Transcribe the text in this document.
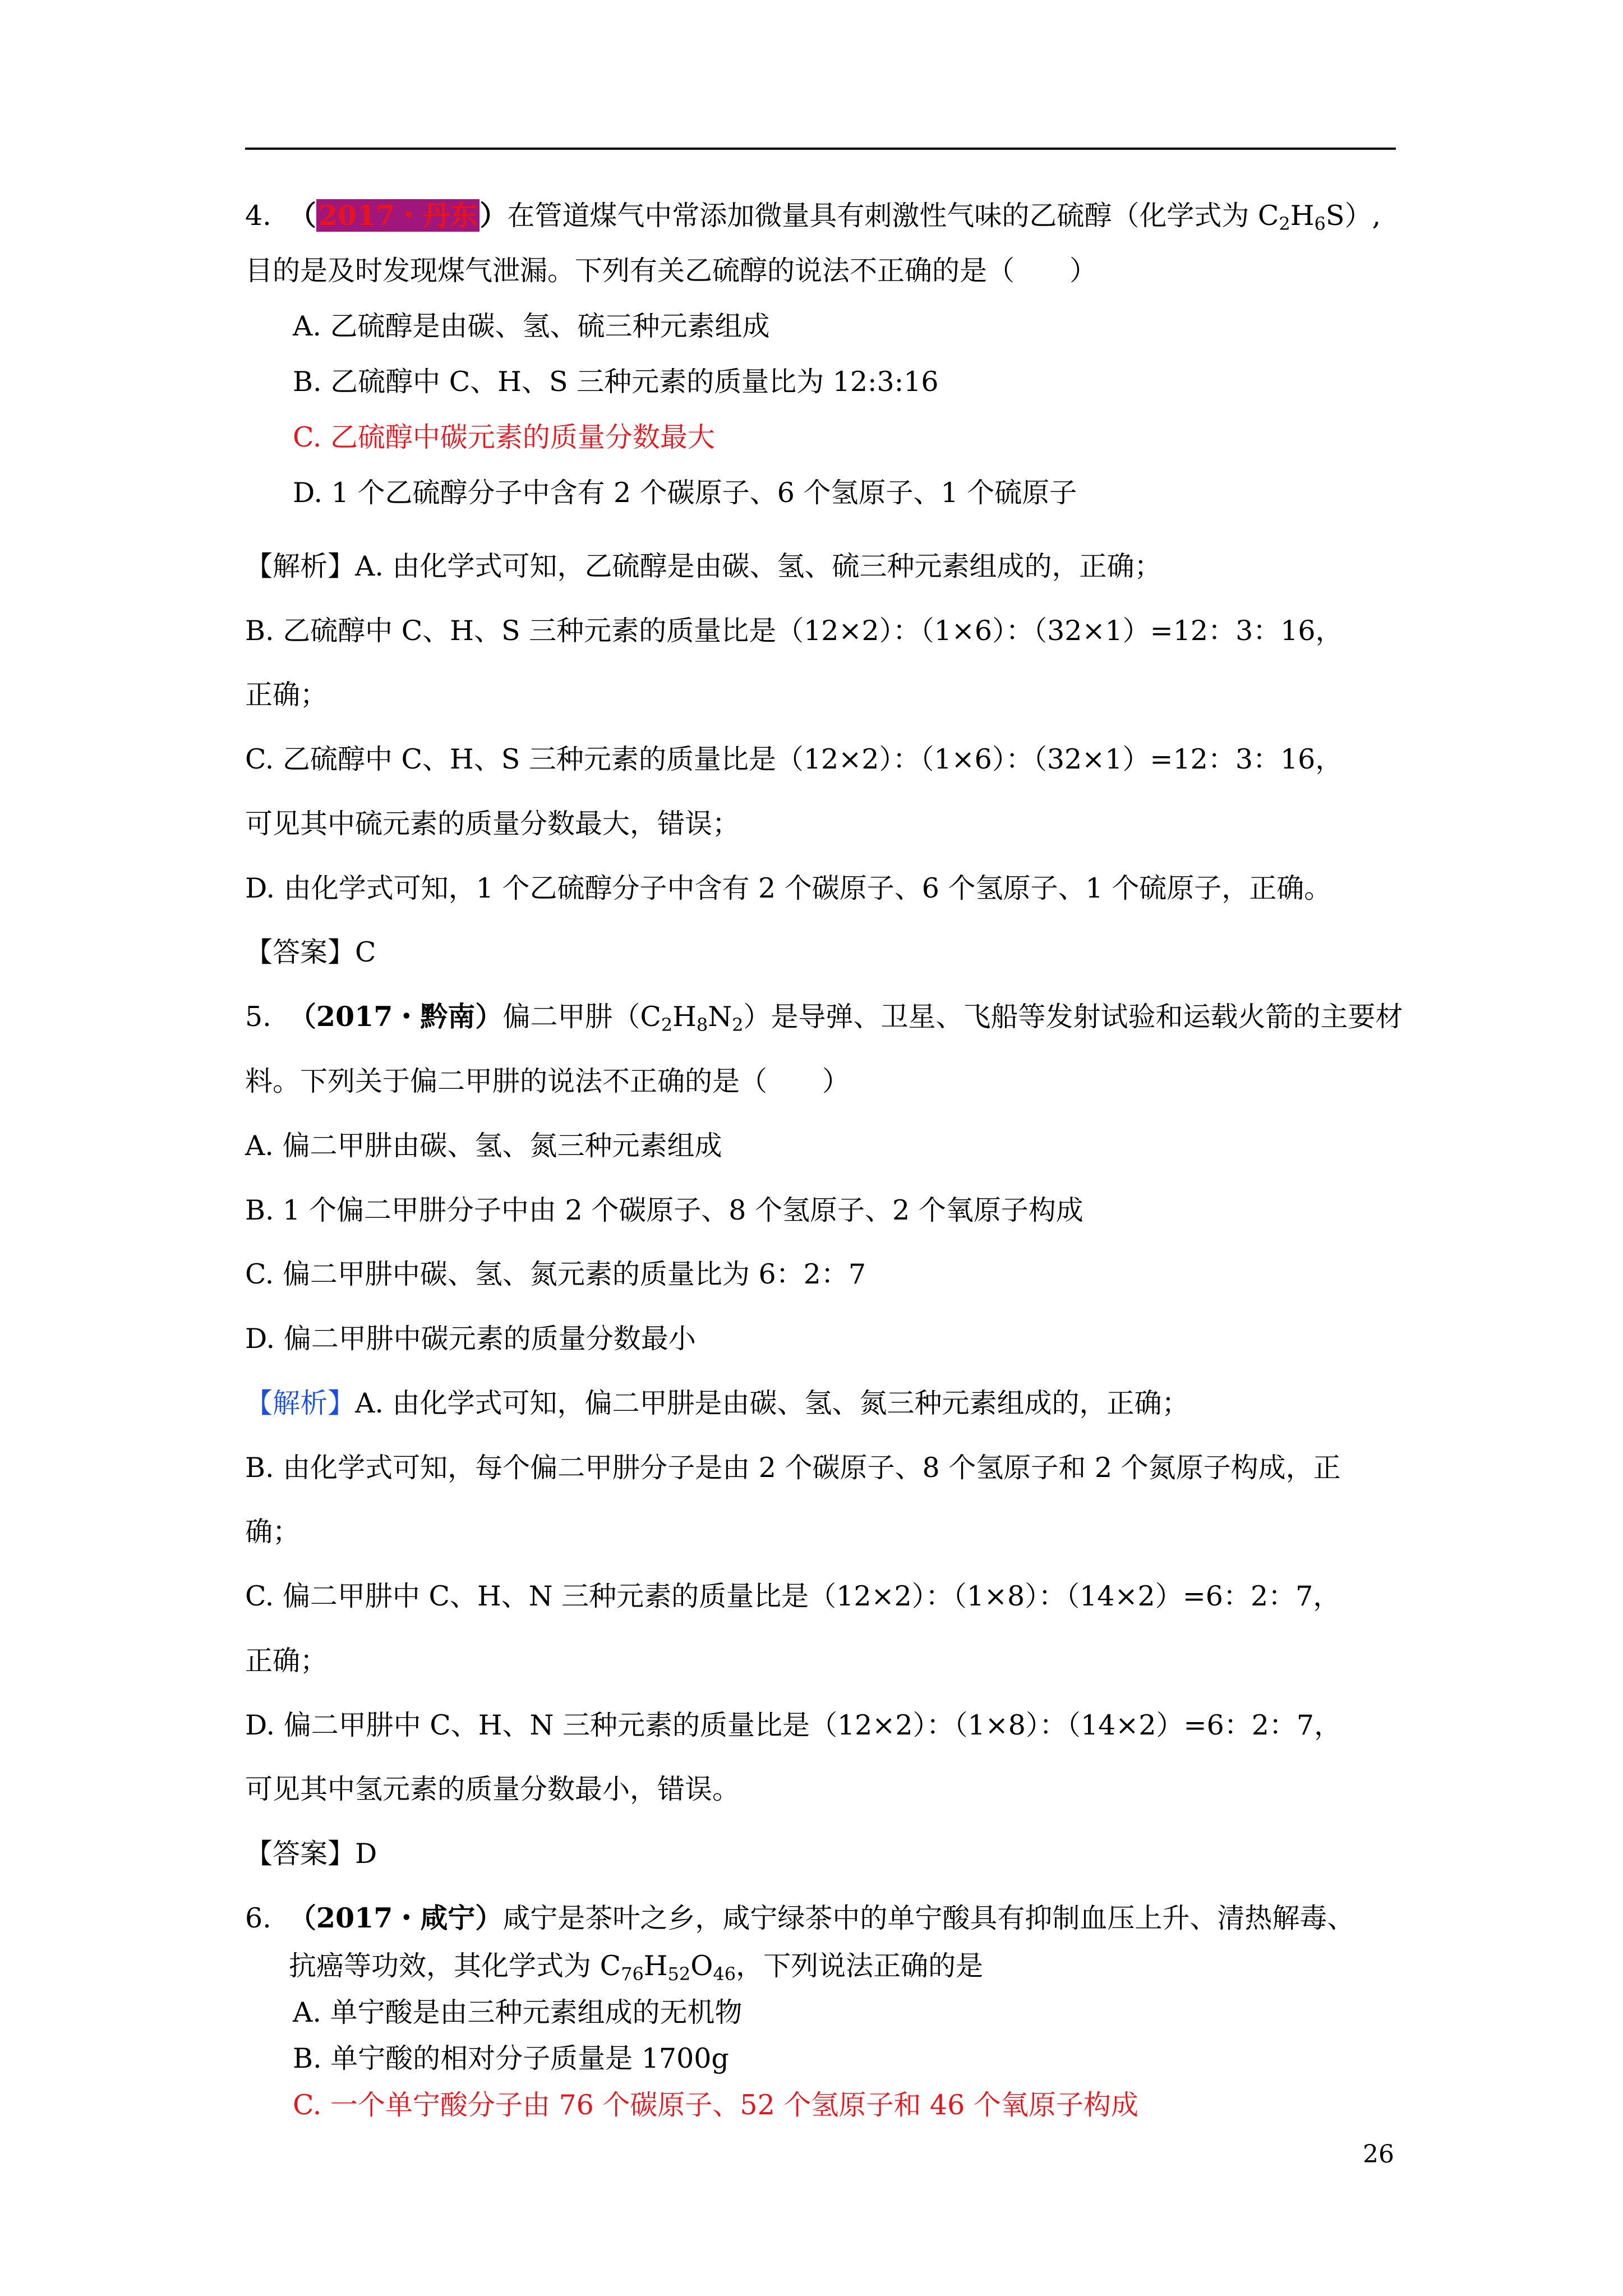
4. （2017・丹东）在管道煤气中常添加微量具有刺激性气味的乙硫醇（化学式为 $C_2H_6S$）,
目的是及时发现煤气泄漏。下列有关乙硫醇的说法不正确的是（　　）
A. 乙硫醇是由碳、氢、硫三种元素组成
B. 乙硫醇中 C、H、S 三种元素的质量比为 12:3:16
C. 乙硫醇中碳元素的质量分数最大
D. 1 个乙硫醇分子中含有 2 个碳原子、6 个氢原子、1 个硫原子
【解析】A. 由化学式可知，乙硫醇是由碳、氢、硫三种元素组成的，正确；
B. 乙硫醇中 C、H、S 三种元素的质量比是（12×2）：（1×6）：（32×1）=12：3：16，
正确；
C. 乙硫醇中 C、H、S 三种元素的质量比是（12×2）：（1×6）：（32×1）=12：3：16，
可见其中硫元素的质量分数最大，错误；
D. 由化学式可知，1 个乙硫醇分子中含有 2 个碳原子、6 个氢原子、1 个硫原子，正确。
【答案】C
5. （2017・黔南）偏二甲肼$(C_2H_8N_2)$是导弹、卫星、飞船等发射试验和运载火箭的主要材
料。下列关于偏二甲肼的说法不正确的是（　　）
A. 偏二甲肼由碳、氢、氮三种元素组成
B. 1 个偏二甲肼分子中由 2 个碳原子、8 个氢原子、2 个氧原子构成
C. 偏二甲肼中碳、氢、氮元素的质量比为 6：2：7
D. 偏二甲肼中碳元素的质量分数最小
【解析】A. 由化学式可知，偏二甲肼是由碳、氢、氮三种元素组成的，正确；
B. 由化学式可知，每个偏二甲肼分子是由 2 个碳原子、8 个氢原子和 2 个氮原子构成，正
确；
C. 偏二甲肼中 C、H、N 三种元素的质量比是（12×2）：（1×8）：（14×2）=6：2：7，
正确；
D. 偏二甲肼中 C、H、N 三种元素的质量比是（12×2）：（1×8）：（14×2）=6：2：7，
可见其中氢元素的质量分数最小，错误。
【答案】D
6. （2017・咸宁）咸宁是茶叶之乡，咸宁绿茶中的单宁酸具有抑制血压上升、清热解毒、
抗癌等功效，其化学式为 $C_{76}H_{52}O_{46}$，下列说法正确的是
A. 单宁酸是由三种元素组成的无机物
B. 单宁酸的相对分子质量是 1700g
C. 一个单宁酸分子由 76 个碳原子、52 个氢原子和 46 个氧原子构成
26
